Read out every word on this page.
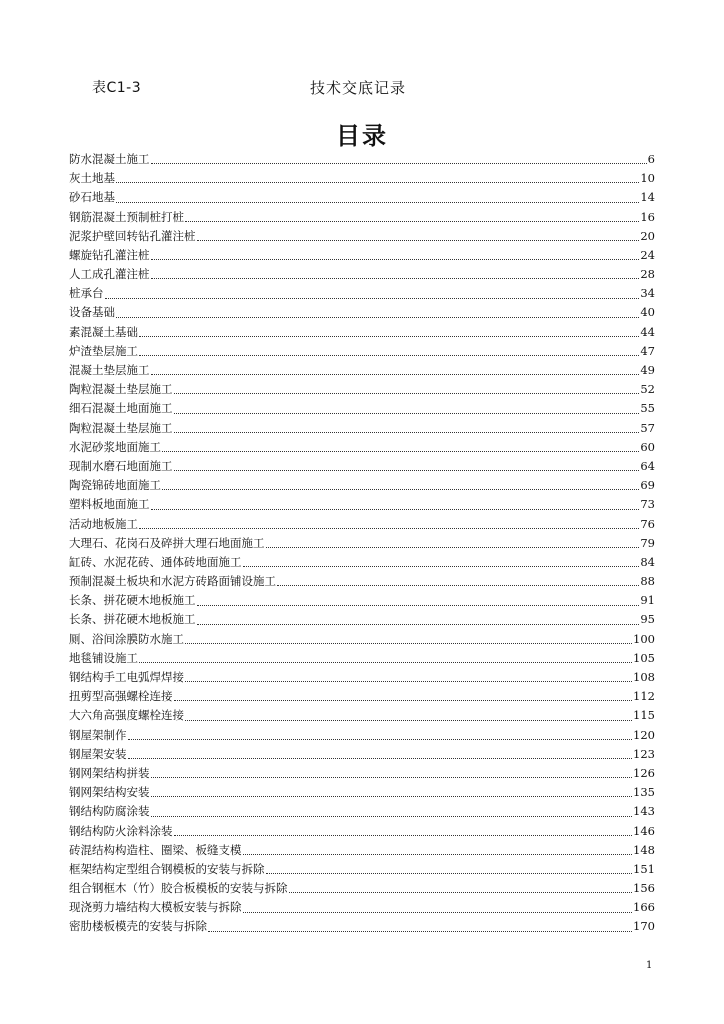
表C1-3	技术交底记录
目录
防水混凝土施工	6
灰土地基	10
砂石地基	14
钢筋混凝土预制桩打桩	16
泥浆护壁回转钻孔灌注桩	20
螺旋钻孔灌注桩	24
人工成孔灌注桩	28
桩承台	34
设备基础	40
素混凝土基础	44
炉渣垫层施工	47
混凝土垫层施工	49
陶粒混凝土垫层施工	52
细石混凝土地面施工	55
陶粒混凝土垫层施工	57
水泥砂浆地面施工	60
现制水磨石地面施工	64
陶瓷锦砖地面施工	69
塑料板地面施工	73
活动地板施工	76
大理石、花岗石及碎拼大理石地面施工	79
缸砖、水泥花砖、通体砖地面施工	84
预制混凝土板块和水泥方砖路面铺设施工	88
长条、拼花硬木地板施工	91
长条、拼花硬木地板施工	95
厕、浴间涂膜防水施工	100
地毯铺设施工	105
钢结构手工电弧焊焊接	108
扭剪型高强螺栓连接	112
大六角高强度螺栓连接	115
钢屋架制作	120
钢屋架安装	123
钢网架结构拼装	126
钢网架结构安装	135
钢结构防腐涂装	143
钢结构防火涂料涂装	146
砖混结构构造柱、圈梁、板缝支模	148
框架结构定型组合钢模板的安装与拆除	151
组合钢框木（竹）胶合板模板的安装与拆除	156
现浇剪力墙结构大模板安装与拆除	166
密肋楼板模壳的安装与拆除	170
1
